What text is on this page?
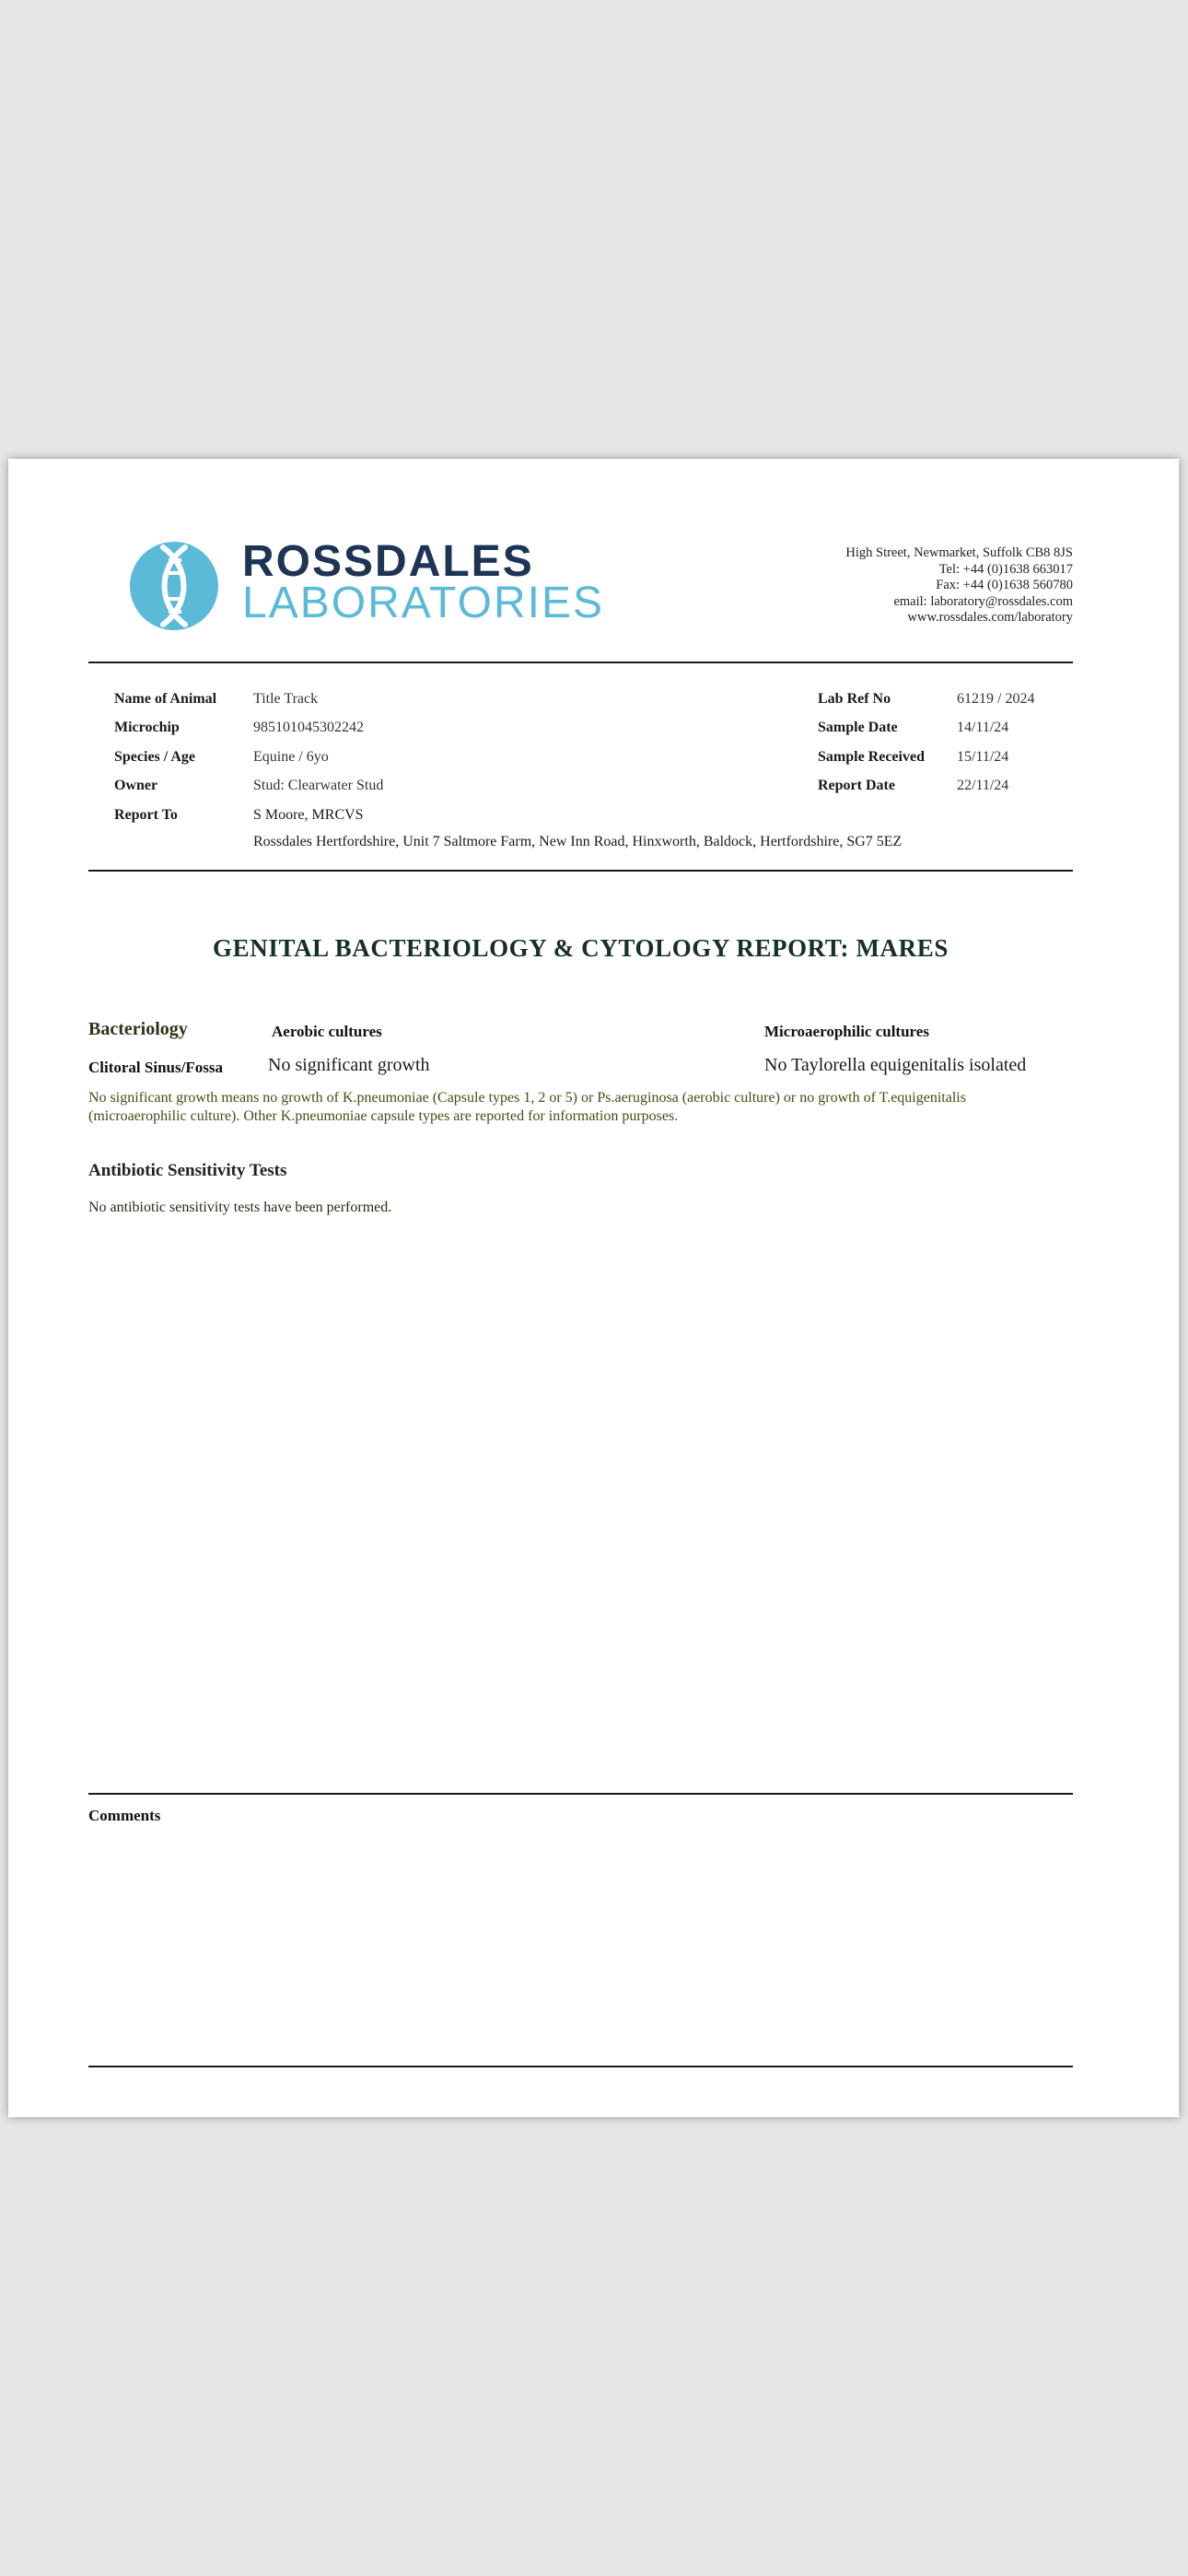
ROSSDALES
LABORATORIES
High Street, Newmarket, Suffolk CB8 8JS
Tel: +44 (0)1638 663017
Fax: +44 (0)1638 560780
email: laboratory@rossdales.com
www.rossdales.com/laboratory
Name of Animal Title Track
Microchip	985101045302242
Species / Age	Equine / 6yo
Owner	Stud: Clearwater Stud
Report To	S Moore, MRCVS
Rossdales Hertfordshire, Unit 7 Saltmore Farm, New Inn Road, Hinxworth, Baldock, Hertfordshire, SG7 5EZ
Lab Ref No	61219 / 2024
Sample Date	14/11/24
Sample Received 15/11/24
Report Date	22/11/24
GENITAL BACTERIOLOGY & CYTOLOGY REPORT: MARES
Bacteriology	Aerobic cultures	Microaerophilic cultures
Clitoral Sinus/Fossa No significant growth	No Taylorella equigenitalis isolated
No significant growth means no growth of K.pneumoniae (Capsule types 1, 2 or 5) or Ps.aeruginosa (aerobic culture) or no growth of T.equigenitalis
(microaerophilic culture). Other K.pneumoniae capsule types are reported for information purposes.
Antibiotic Sensitivity Tests
No antibiotic sensitivity tests have been performed.
Comments
